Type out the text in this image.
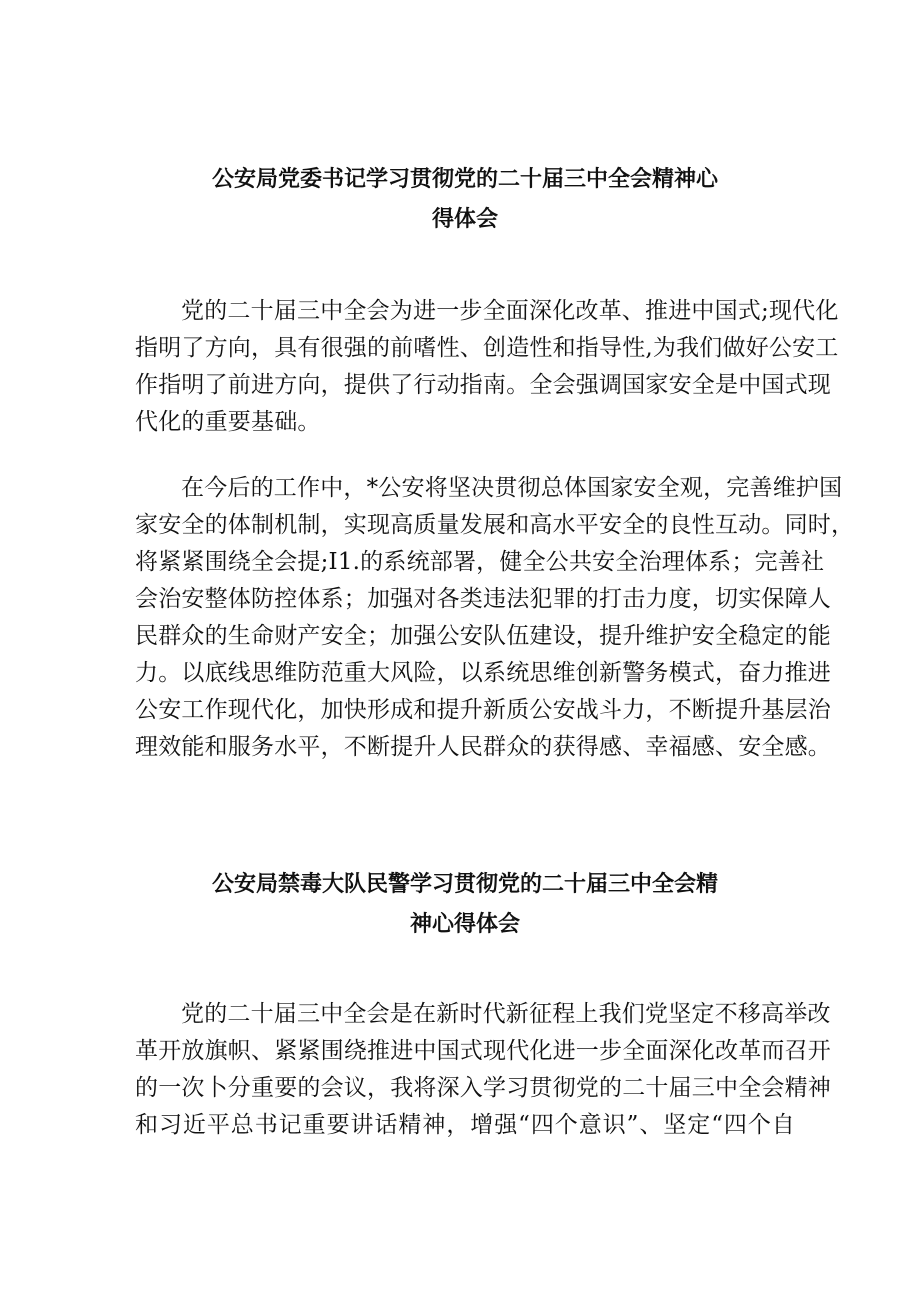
公安局党委书记学习贯彻党的二十届三中全会精神心
得体会

党的二十届三中全会为进一步全面深化改革、推进中国式;现代化
指明了方向，具有很强的前嗜性、创造性和指导性,为我们做好公安工
作指明了前进方向，提供了行动指南。全会强调国家安全是中国式现
代化的重要基础。

在今后的工作中，*公安将坚决贯彻总体国家安全观，完善维护国
家安全的体制机制，实现高质量发展和高水平安全的良性互动。同时，
将紧紧围绕全会提;I1.的系统部署，健全公共安全治理体系；完善社
会治安整体防控体系；加强对各类违法犯罪的打击力度，切实保障人
民群众的生命财产安全；加强公安队伍建设，提升维护安全稳定的能
力。以底线思维防范重大风险，以系统思维创新警务模式，奋力推进
公安工作现代化，加快形成和提升新质公安战斗力，不断提升基层治
理效能和服务水平，不断提升人民群众的获得感、幸福感、安全感。

公安局禁毒大队民警学习贯彻党的二十届三中全会精
神心得体会

党的二十届三中全会是在新时代新征程上我们党坚定不移高举改
革开放旗帜、紧紧围绕推进中国式现代化进一步全面深化改革而召开
的一次卜分重要的会议，我将深入学习贯彻党的二十届三中全会精神
和习近平总书记重要讲话精神，增强“四个意识”、坚定“四个自
